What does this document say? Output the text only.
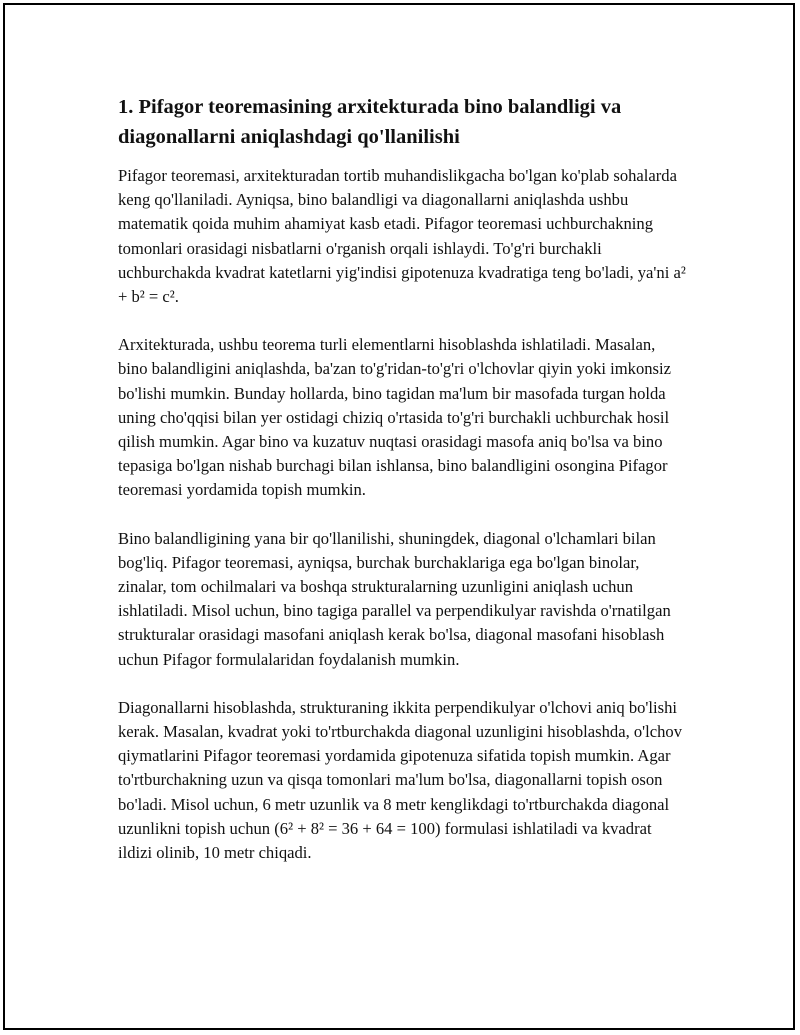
1. Pifagor teoremasining arxitekturada bino balandligi va diagonallarni aniqlashdagi qo'llanilishi

Pifagor teoremasi, arxitekturadan tortib muhandislikgacha bo'lgan ko'plab sohalarda keng qo'llaniladi. Ayniqsa, bino balandligi va diagonallarni aniqlashda ushbu matematik qoida muhim ahamiyat kasb etadi. Pifagor teoremasi uchburchakning tomonlari orasidagi nisbatlarni o'rganish orqali ishlaydi. To'g'ri burchakli uchburchakda kvadrat katetlarni yig'indisi gipotenuza kvadratiga teng bo'ladi, ya'ni a² + b² = c².

Arxitekturada, ushbu teorema turli elementlarni hisoblashda ishlatiladi. Masalan, bino balandligini aniqlashda, ba'zan to'g'ridan-to'g'ri o'lchovlar qiyin yoki imkonsiz bo'lishi mumkin. Bunday hollarda, bino tagidan ma'lum bir masofada turgan holda uning cho'qqisi bilan yer ostidagi chiziq o'rtasida to'g'ri burchakli uchburchak hosil qilish mumkin. Agar bino va kuzatuv nuqtasi orasidagi masofa aniq bo'lsa va bino tepasiga bo'lgan nishab burchagi bilan ishlansa, bino balandligini osongina Pifagor teoremasi yordamida topish mumkin.

Bino balandligining yana bir qo'llanilishi, shuningdek, diagonal o'lchamlari bilan bog'liq. Pifagor teoremasi, ayniqsa, burchak burchaklariga ega bo'lgan binolar, zinalar, tom ochilmalari va boshqa strukturalarning uzunligini aniqlash uchun ishlatiladi. Misol uchun, bino tagiga parallel va perpendikulyar ravishda o'rnatilgan strukturalar orasidagi masofani aniqlash kerak bo'lsa, diagonal masofani hisoblash uchun Pifagor formulalaridan foydalanish mumkin.

Diagonallarni hisoblashda, strukturaning ikkita perpendikulyar o'lchovi aniq bo'lishi kerak. Masalan, kvadrat yoki to'rtburchakda diagonal uzunligini hisoblashda, o'lchov qiymatlarini Pifagor teoremasi yordamida gipotenuza sifatida topish mumkin. Agar to'rtburchakning uzun va qisqa tomonlari ma'lum bo'lsa, diagonallarni topish oson bo'ladi. Misol uchun, 6 metr uzunlik va 8 metr kenglikdagi to'rtburchakda diagonal uzunlikni topish uchun (6² + 8² = 36 + 64 = 100) formulasi ishlatiladi va kvadrat ildizi olinib, 10 metr chiqadi.
